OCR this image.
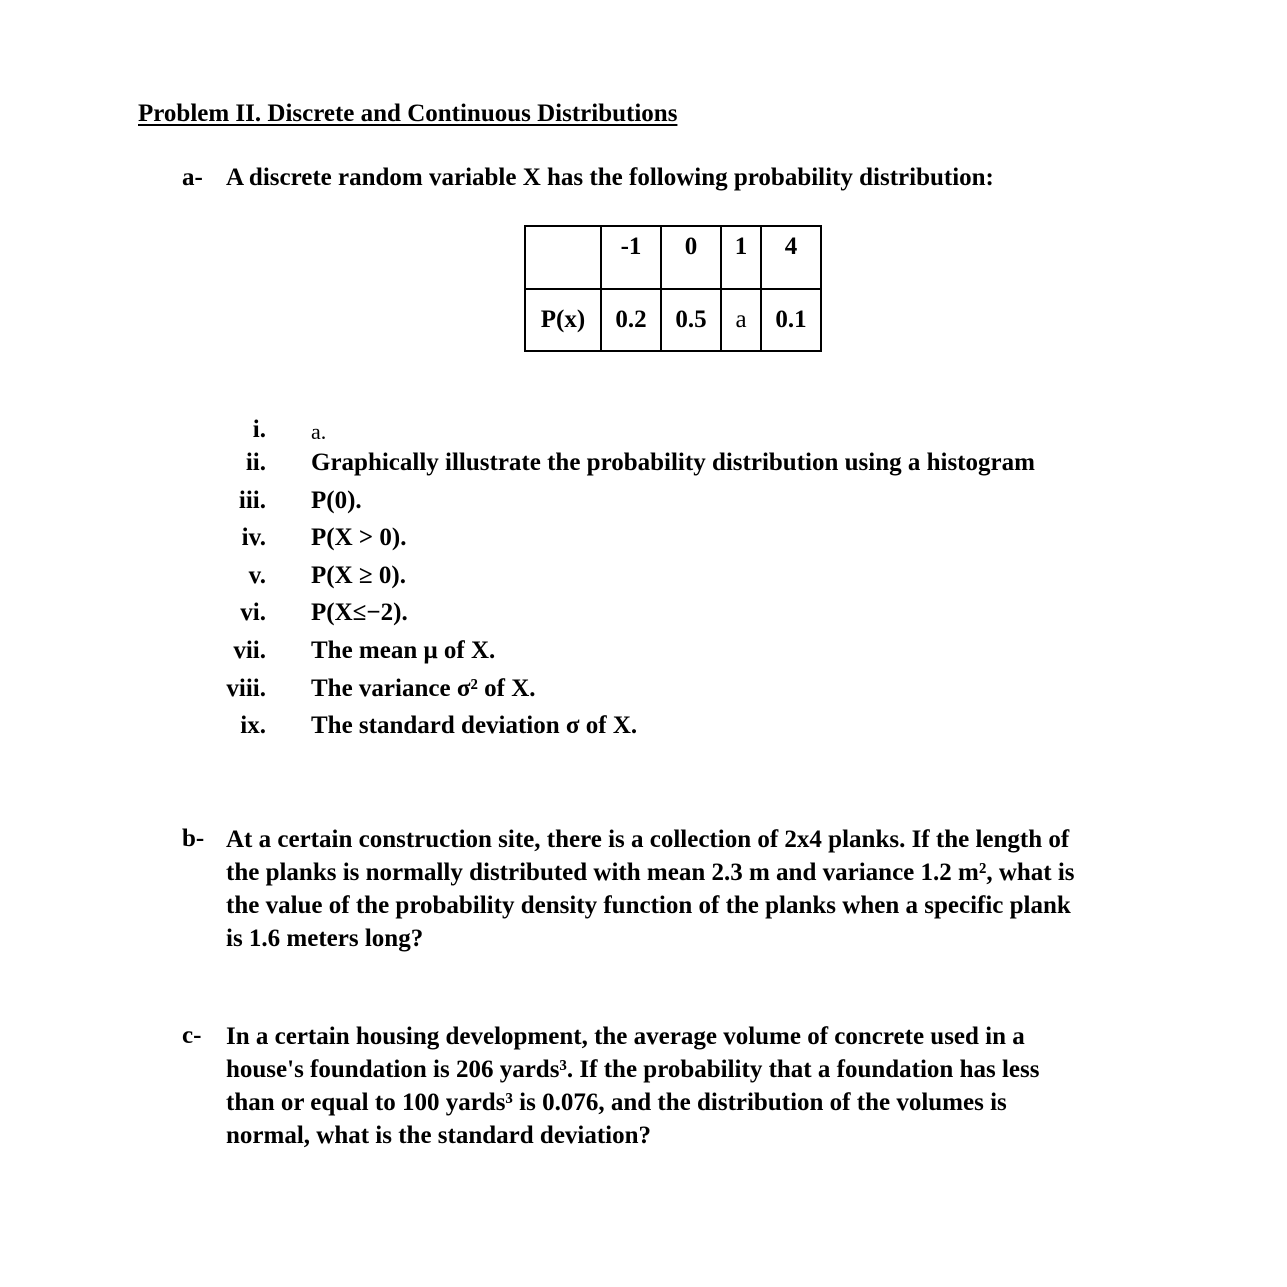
Problem II. Discrete and Continuous Distributions
a- A discrete random variable X has the following probability distribution:
	-1	0	1	4
P(x)	0.2	0.5	a	0.1
i. a.
ii. Graphically illustrate the probability distribution using a histogram
iii. P(0).
iv. P(X > 0).
v. P(X ≥ 0).
vi. P(X≤−2).
vii. The mean μ of X.
viii. The variance σ² of X.
ix. The standard deviation σ of X.
b- At a certain construction site, there is a collection of 2x4 planks. If the length of
the planks is normally distributed with mean 2.3 m and variance 1.2 m², what is
the value of the probability density function of the planks when a specific plank
is 1.6 meters long?
c- In a certain housing development, the average volume of concrete used in a
house's foundation is 206 yards³. If the probability that a foundation has less
than or equal to 100 yards³ is 0.076, and the distribution of the volumes is
normal, what is the standard deviation?
